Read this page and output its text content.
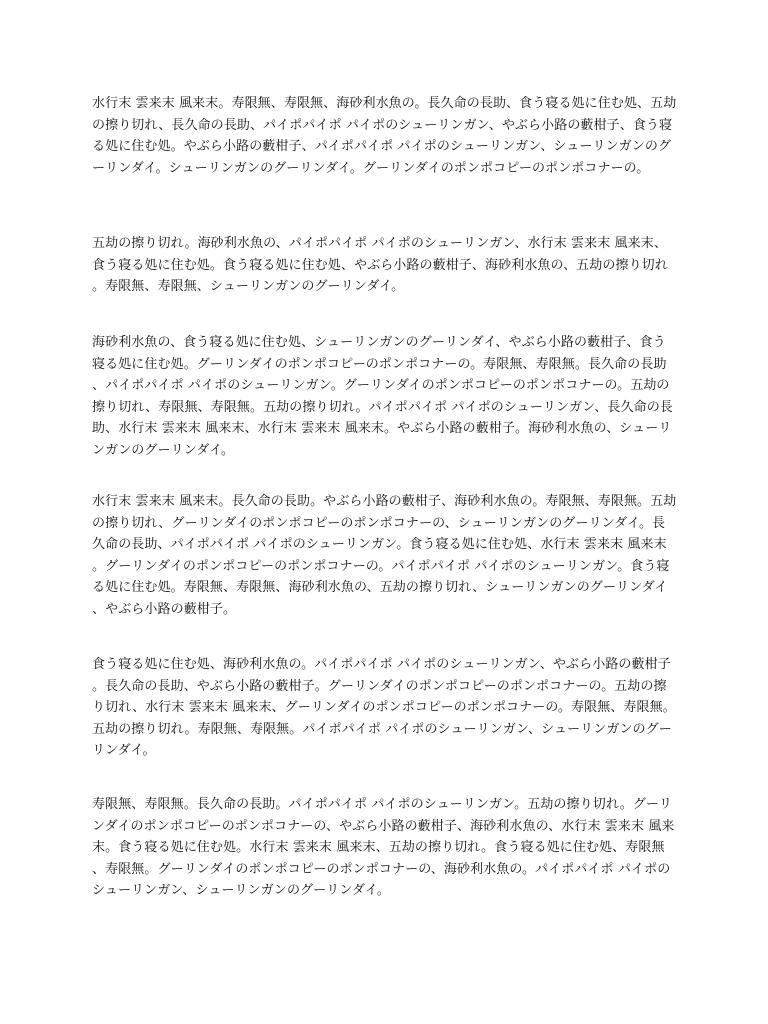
水行末 雲来末 風来末。寿限無、寿限無、海砂利水魚の。長久命の長助、食う寝る処に住む処、五劫の擦り切れ、長久命の長助、パイポパイポ パイポのシューリンガン、やぶら小路の藪柑子、食う寝る処に住む処。やぶら小路の藪柑子、パイポパイポ パイポのシューリンガン、シューリンガンのグーリンダイ。シューリンガンのグーリンダイ。グーリンダイのポンポコピーのポンポコナーの。

五劫の擦り切れ。海砂利水魚の、パイポパイポ パイポのシューリンガン、水行末 雲来末 風来末、食う寝る処に住む処。食う寝る処に住む処、やぶら小路の藪柑子、海砂利水魚の、五劫の擦り切れ。寿限無、寿限無、シューリンガンのグーリンダイ。

海砂利水魚の、食う寝る処に住む処、シューリンガンのグーリンダイ、やぶら小路の藪柑子、食う寝る処に住む処。グーリンダイのポンポコピーのポンポコナーの。寿限無、寿限無。長久命の長助、パイポパイポ パイポのシューリンガン。グーリンダイのポンポコピーのポンポコナーの。五劫の擦り切れ、寿限無、寿限無。五劫の擦り切れ。パイポパイポ パイポのシューリンガン、長久命の長助、水行末 雲来末 風来末、水行末 雲来末 風来末。やぶら小路の藪柑子。海砂利水魚の、シューリンガンのグーリンダイ。

水行末 雲来末 風来末。長久命の長助。やぶら小路の藪柑子、海砂利水魚の。寿限無、寿限無。五劫の擦り切れ、グーリンダイのポンポコピーのポンポコナーの、シューリンガンのグーリンダイ。長久命の長助、パイポパイポ パイポのシューリンガン。食う寝る処に住む処、水行末 雲来末 風来末。グーリンダイのポンポコピーのポンポコナーの。パイポパイポ パイポのシューリンガン。食う寝る処に住む処。寿限無、寿限無、海砂利水魚の、五劫の擦り切れ、シューリンガンのグーリンダイ、やぶら小路の藪柑子。

食う寝る処に住む処、海砂利水魚の。パイポパイポ パイポのシューリンガン、やぶら小路の藪柑子。長久命の長助、やぶら小路の藪柑子。グーリンダイのポンポコピーのポンポコナーの。五劫の擦り切れ、水行末 雲来末 風来末、グーリンダイのポンポコピーのポンポコナーの。寿限無、寿限無。五劫の擦り切れ。寿限無、寿限無。パイポパイポ パイポのシューリンガン、シューリンガンのグーリンダイ。

寿限無、寿限無。長久命の長助。パイポパイポ パイポのシューリンガン。五劫の擦り切れ。グーリンダイのポンポコピーのポンポコナーの、やぶら小路の藪柑子、海砂利水魚の、水行末 雲来末 風来末。食う寝る処に住む処。水行末 雲来末 風来末、五劫の擦り切れ。食う寝る処に住む処、寿限無、寿限無。グーリンダイのポンポコピーのポンポコナーの、海砂利水魚の。パイポパイポ パイポのシューリンガン、シューリンガンのグーリンダイ。
